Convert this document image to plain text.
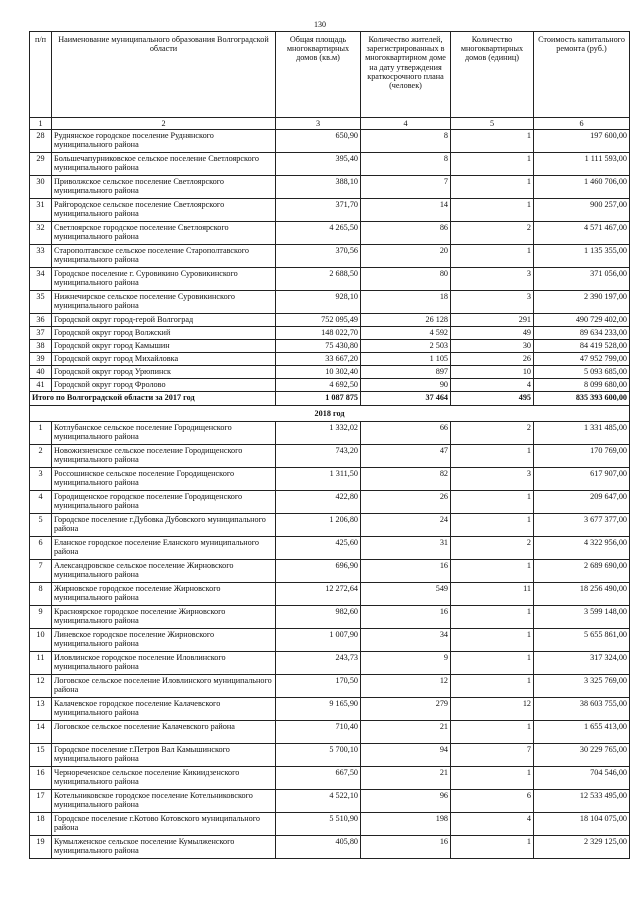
130
п/п	Наименование муниципального образования Волгоградской области	Общая площадь многоквартирных домов (кв.м)	Количество жителей, зарегистрированных в многоквартирном доме на дату утверждения краткосрочного плана (человек)	Количество многоквартирных домов (единиц)	Стоимость капитального ремонта (руб.)
1	2	3	4	5	6
28	Руднянское городское поселение Руднянского муниципального района	650,90	8	1	197 600,00
29	Большечапурниковское сельское поселение Светлоярского муниципального района	395,40	8	1	1 111 593,00
30	Приволжское сельское поселение Светлоярского муниципального района	388,10	7	1	1 460 706,00
31	Райгородское сельское поселение Светлоярского муниципального района	371,70	14	1	900 257,00
32	Светлоярское городское поселение Светлоярского муниципального района	4 265,50	86	2	4 571 467,00
33	Старополтавское сельское поселение Старополтавского муниципального района	370,56	20	1	1 135 355,00
34	Городское поселение г. Суровикино Суровикинского муниципального района	2 688,50	80	3	371 056,00
35	Нижнечирское сельское поселение Суровикинского муниципального района	928,10	18	3	2 390 197,00
36	Городской округ город-герой Волгоград	752 095,49	26 128	291	490 729 402,00
37	Городской округ город Волжский	148 022,70	4 592	49	89 634 233,00
38	Городской округ город Камышин	75 430,80	2 503	30	84 419 528,00
39	Городской округ город Михайловка	33 667,20	1 105	26	47 952 799,00
40	Городской округ город Урюпинск	10 302,40	897	10	5 093 685,00
41	Городской округ город Фролово	4 692,50	90	4	8 099 680,00
Итого по Волгоградской области за 2017 год		1 087 875	37 464	495	835 393 600,00
2018 год					
1	Котлубанское сельское поселение Городищенского муниципального района	1 332,02	66	2	1 331 485,00
2	Новожизненское сельское поселение Городищенского муниципального района	743,20	47	1	170 769,00
3	Россошинское сельское поселение Городищенского муниципального района	1 311,50	82	3	617 907,00
4	Городищенское городское поселение Городищенского муниципального района	422,80	26	1	209 647,00
5	Городское поселение г.Дубовка Дубовского муниципального района	1 206,80	24	1	3 677 377,00
6	Еланское городское поселение Еланского муниципального района	425,60	31	2	4 322 956,00
7	Александровское сельское поселение Жирновского муниципального района	696,90	16	1	2 689 690,00
8	Жирновское городское поселение Жирновского муниципального района	12 272,64	549	11	18 256 490,00
9	Красноярское городское поселение Жирновского муниципального района	982,60	16	1	3 599 148,00
10	Линевское городское поселение Жирновского муниципального района	1 007,90	34	1	5 655 861,00
11	Иловлинское городское поселение Иловлинского муниципального района	243,73	9	1	317 324,00
12	Логовское сельское поселение Иловлинского муниципального района	170,50	12	1	3 325 769,00
13	Калачевское городское поселение Калачевского муниципального района	9 165,90	279	12	38 603 755,00
14	Логовское сельское поселение Калачевского района	710,40	21	1	1 655 413,00
15	Городское поселение г.Петров Вал Камышинского муниципального района	5 700,10	94	7	30 229 765,00
16	Чернореченское сельское поселение Кикиидзенского муниципального района	667,50	21	1	704 546,00
17	Котельниковское городское поселение Котельниковского муниципального района	4 522,10	96	6	12 533 495,00
18	Городское поселение г.Котово Котовского муниципального района	5 510,90	198	4	18 104 075,00
19	Кумылженское сельское поселение Кумылженского муниципального района	405,80	16	1	2 329 125,00
